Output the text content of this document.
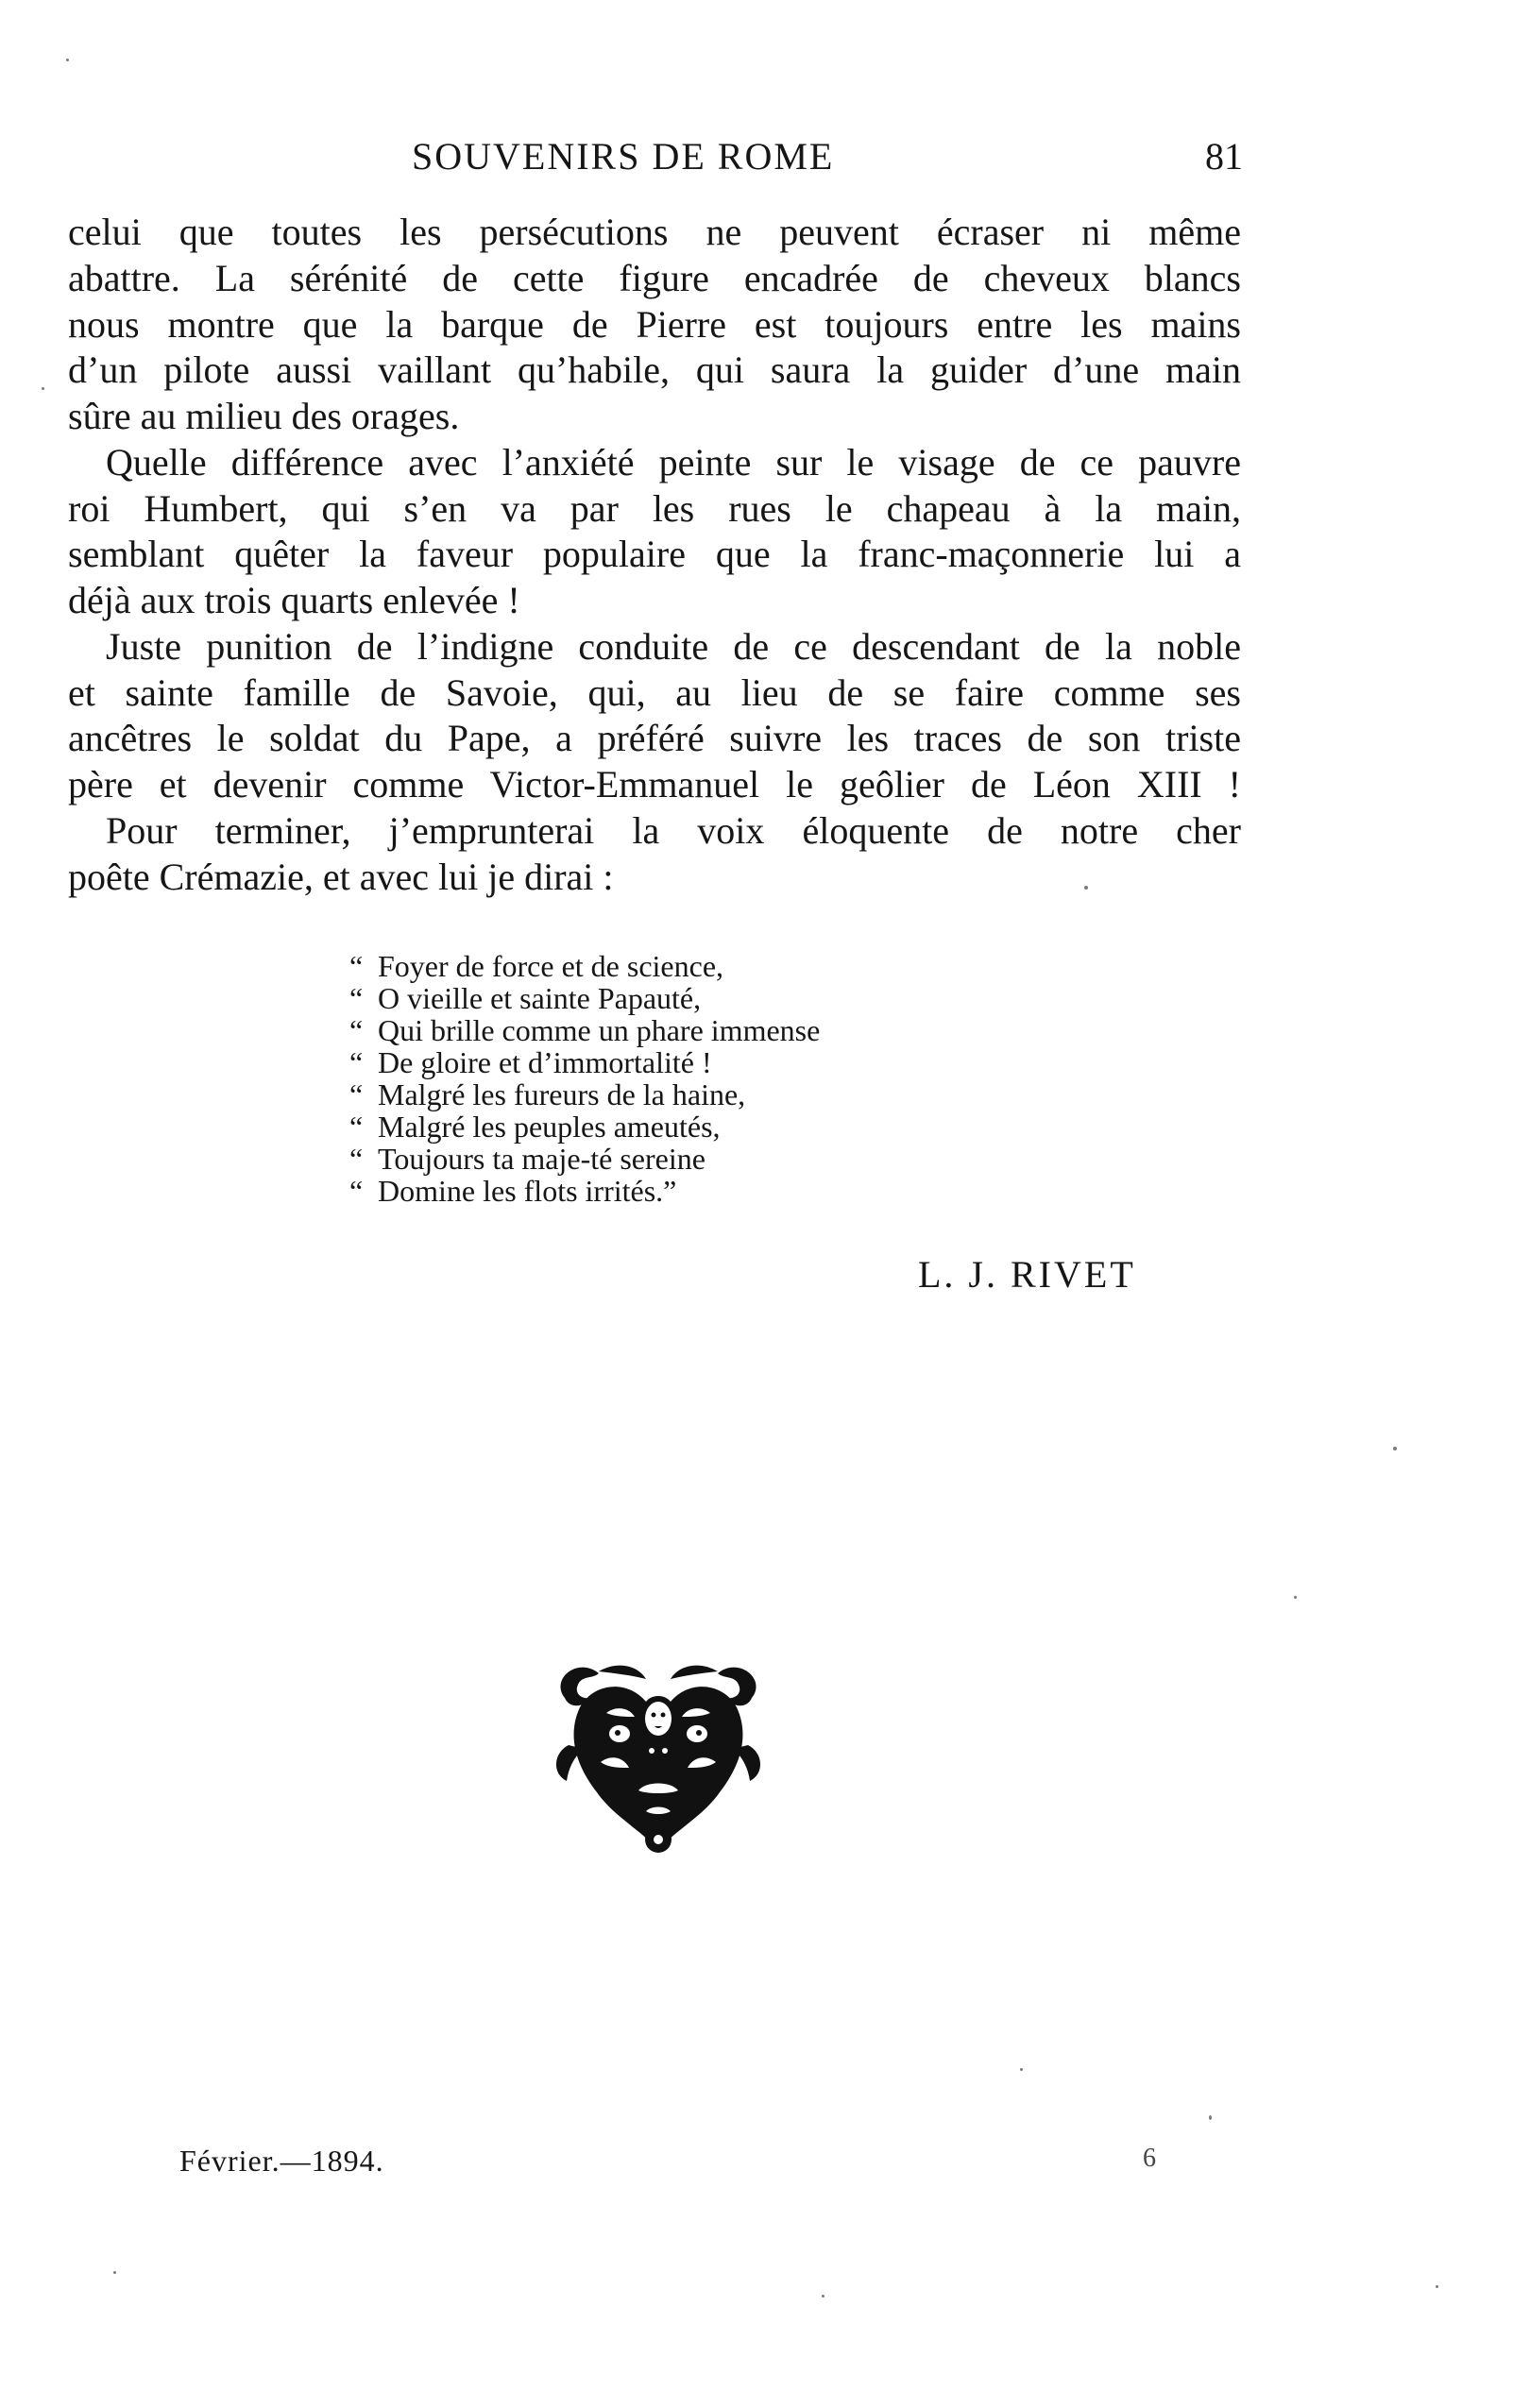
SOUVENIRS DE ROME	81
celui que toutes les persécutions ne peuvent écraser ni même
abattre. La sérénité de cette figure encadrée de cheveux blancs
nous montre que la barque de Pierre est toujours entre les mains
d’un pilote aussi vaillant qu’habile, qui saura la guider d’une main
sûre au milieu des orages.
Quelle différence avec l’anxiété peinte sur le visage de ce pauvre
roi Humbert, qui s’en va par les rues le chapeau à la main,
semblant quêter la faveur populaire que la franc-maçonnerie lui a
déjà aux trois quarts enlevée !
Juste punition de l’indigne conduite de ce descendant de la noble
et sainte famille de Savoie, qui, au lieu de se faire comme ses
ancêtres le soldat du Pape, a préféré suivre les traces de son triste
père et devenir comme Victor-Emmanuel le geôlier de Léon XIII !
Pour terminer, j’emprunterai la voix éloquente de notre cher
poête Crémazie, et avec lui je dirai :
“ Foyer de force et de science,
“ O vieille et sainte Papauté,
“ Qui brille comme un phare immense
“ De gloire et d’immortalité !
“ Malgré les fureurs de la haine,
“ Malgré les peuples ameutés,
“ Toujours ta maje-té sereine
“ Domine les flots irrités.”
L. J. RIVET
Février.—1894.	6
